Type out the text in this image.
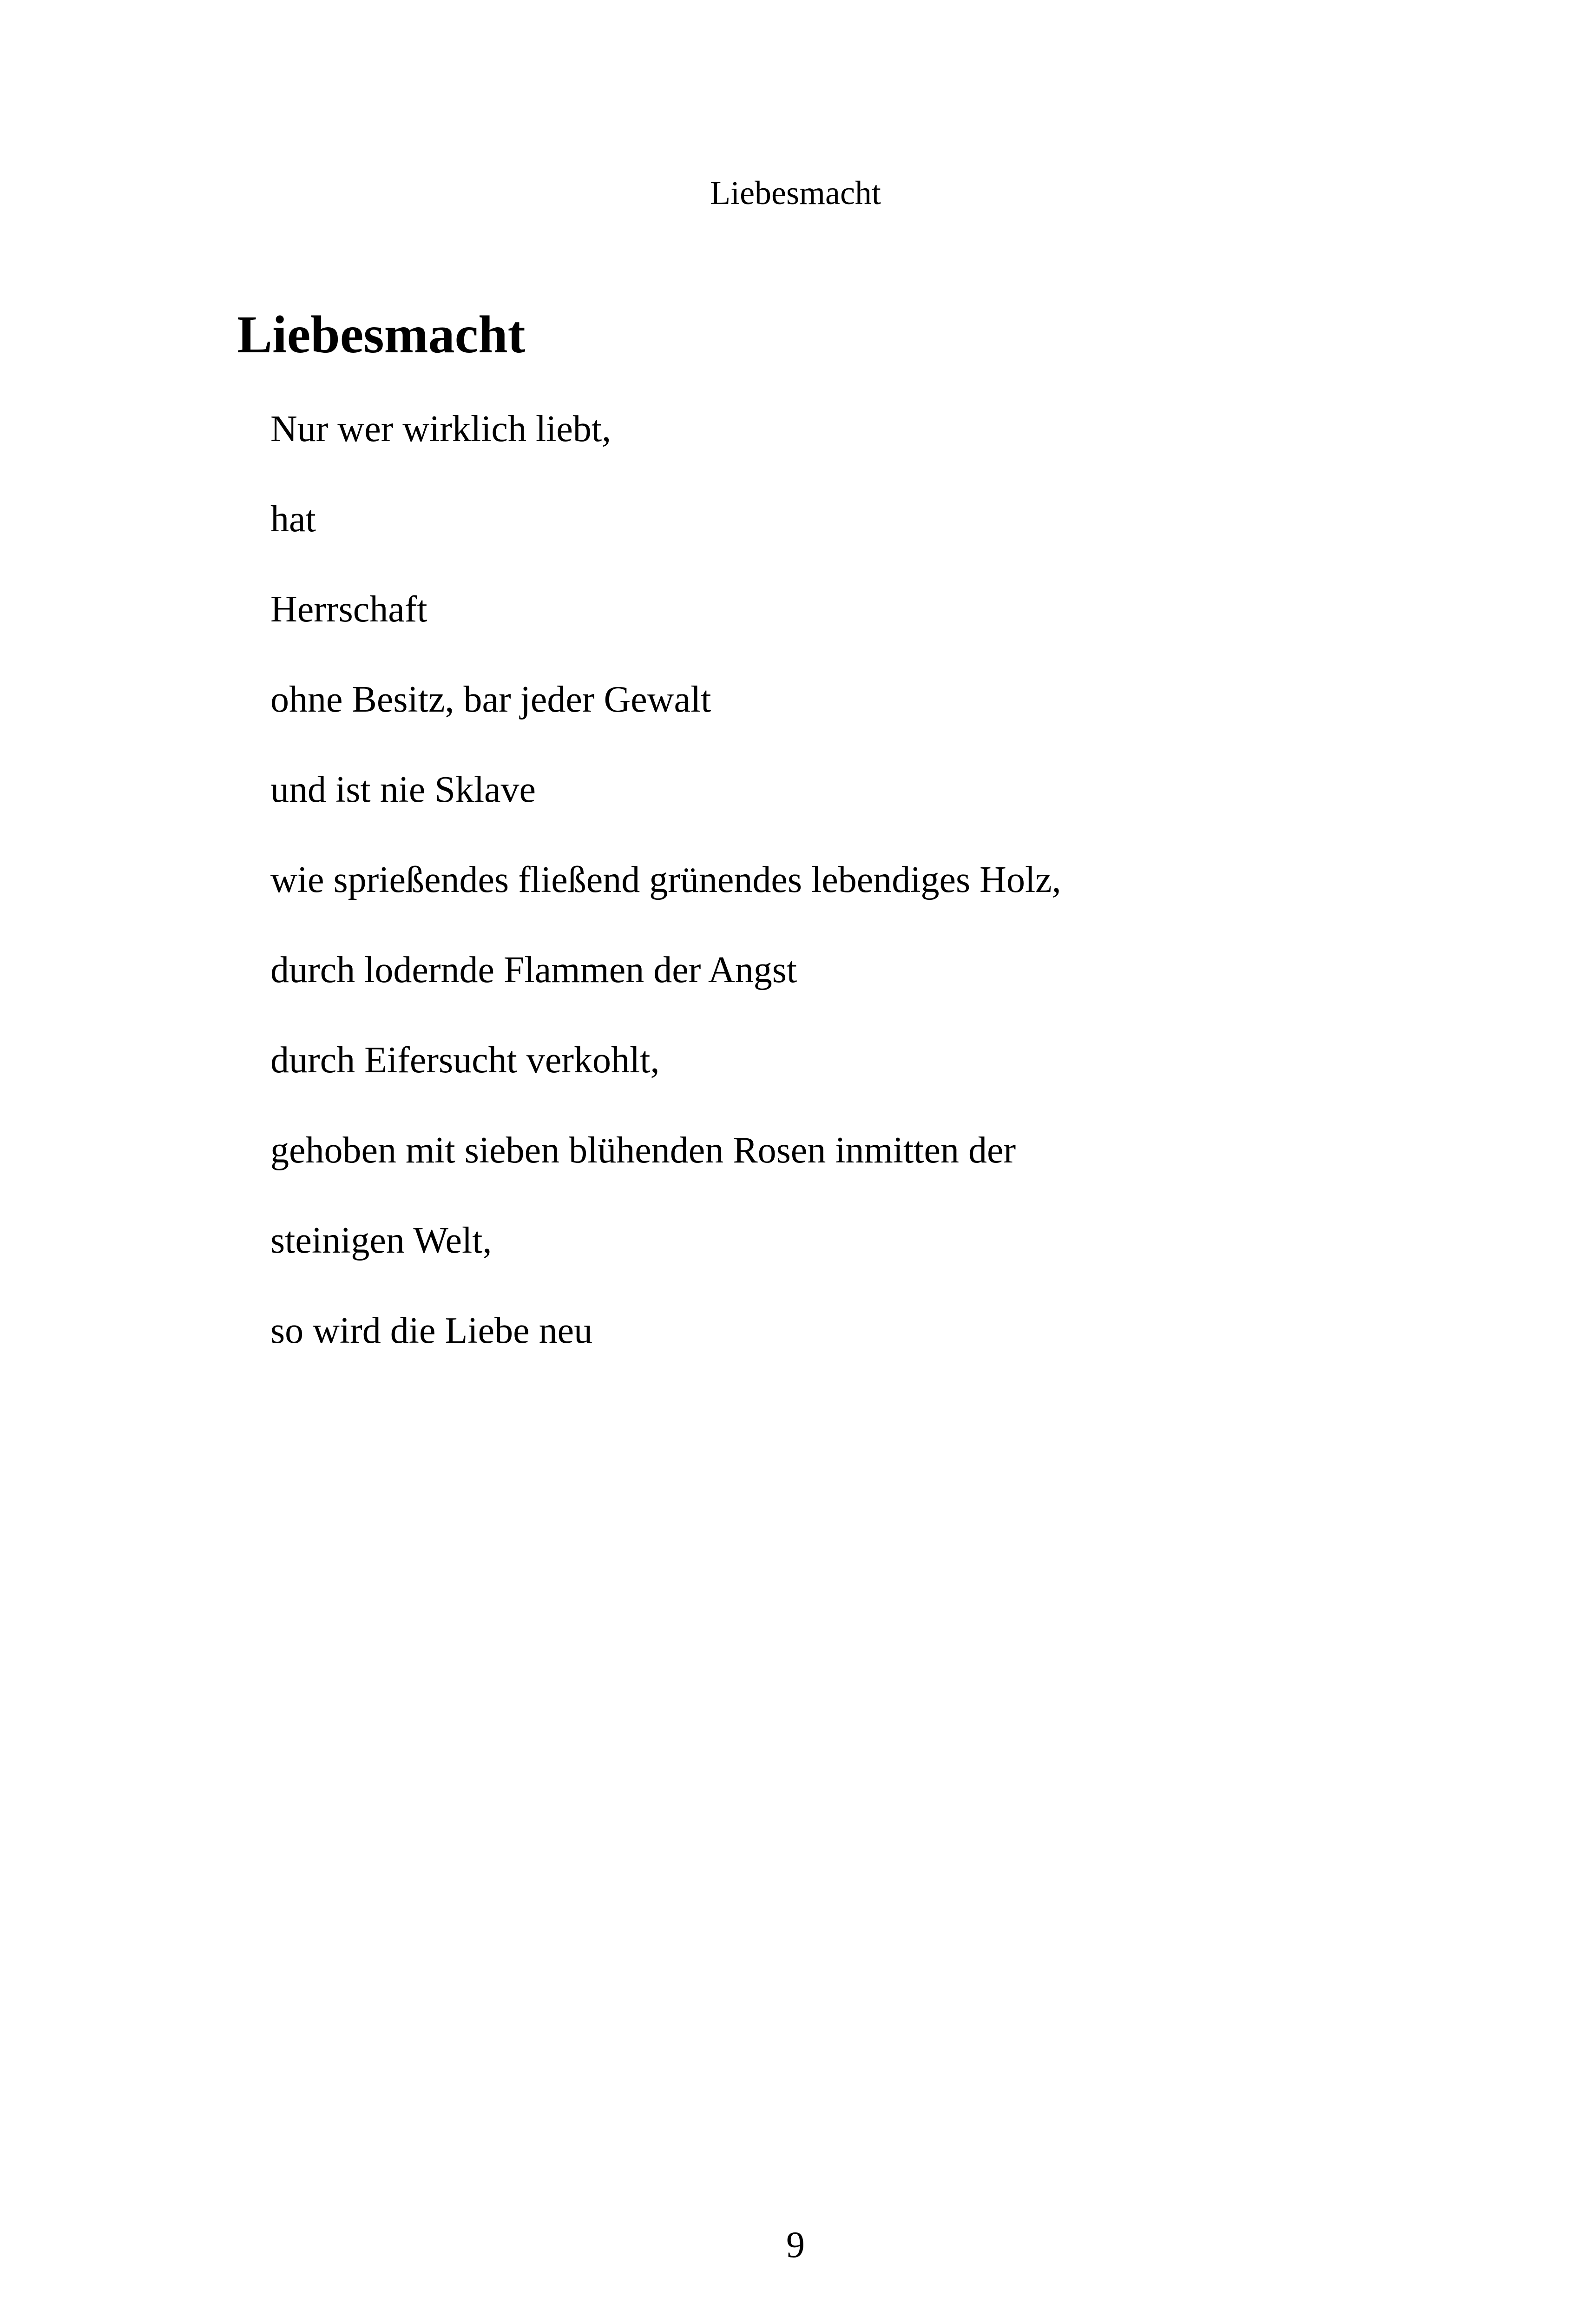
Liebesmacht
Liebesmacht
Nur wer wirklich liebt,
hat
Herrschaft
ohne Besitz, bar jeder Gewalt
und ist nie Sklave
wie sprießendes fließend grünendes lebendiges Holz,
durch lodernde Flammen der Angst
durch Eifersucht verkohlt,
gehoben mit sieben blühenden Rosen inmitten der
steinigen Welt,
so wird die Liebe neu
9
